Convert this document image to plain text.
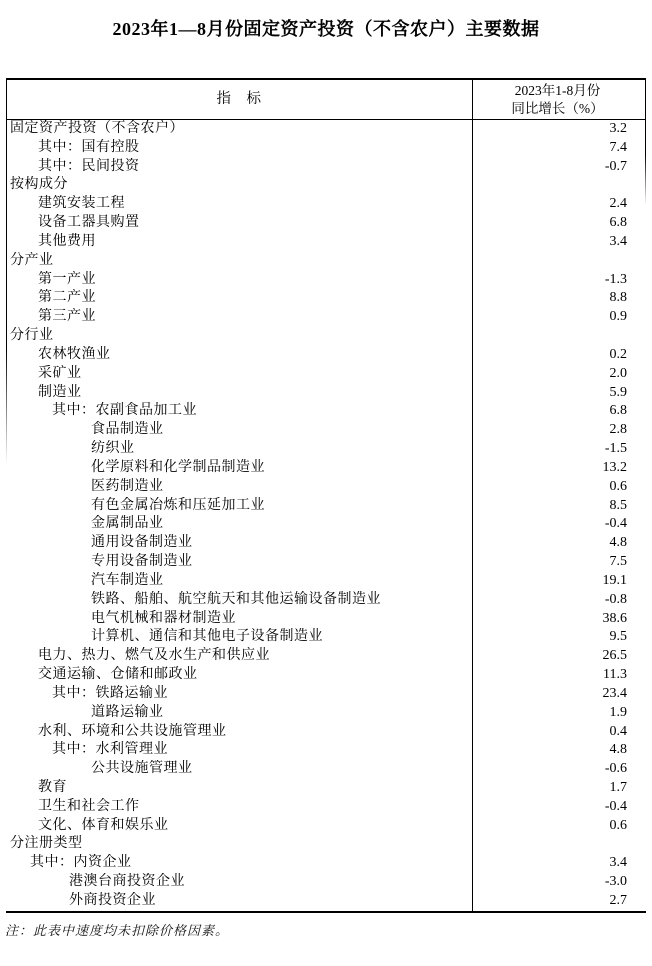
2023年1—8月份固定资产投资（不含农户）主要数据
指　标
2023年1-8月份
同比增长（%）
固定资产投资（不含农户）	3.2
其中：国有控股	7.4
其中：民间投资	-0.7
按构成分
建筑安装工程	2.4
设备工器具购置	6.8
其他费用	3.4
分产业
第一产业	-1.3
第二产业	8.8
第三产业	0.9
分行业
农林牧渔业	0.2
采矿业	2.0
制造业	5.9
其中：农副食品加工业	6.8
食品制造业	2.8
纺织业	-1.5
化学原料和化学制品制造业	13.2
医药制造业	0.6
有色金属冶炼和压延加工业	8.5
金属制品业	-0.4
通用设备制造业	4.8
专用设备制造业	7.5
汽车制造业	19.1
铁路、船舶、航空航天和其他运输设备制造业	-0.8
电气机械和器材制造业	38.6
计算机、通信和其他电子设备制造业	9.5
电力、热力、燃气及水生产和供应业	26.5
交通运输、仓储和邮政业	11.3
其中：铁路运输业	23.4
道路运输业	1.9
水利、环境和公共设施管理业	0.4
其中：水利管理业	4.8
公共设施管理业	-0.6
教育	1.7
卫生和社会工作	-0.4
文化、体育和娱乐业	0.6
分注册类型
其中：内资企业	3.4
港澳台商投资企业	-3.0
外商投资企业	2.7
注：此表中速度均未扣除价格因素。
